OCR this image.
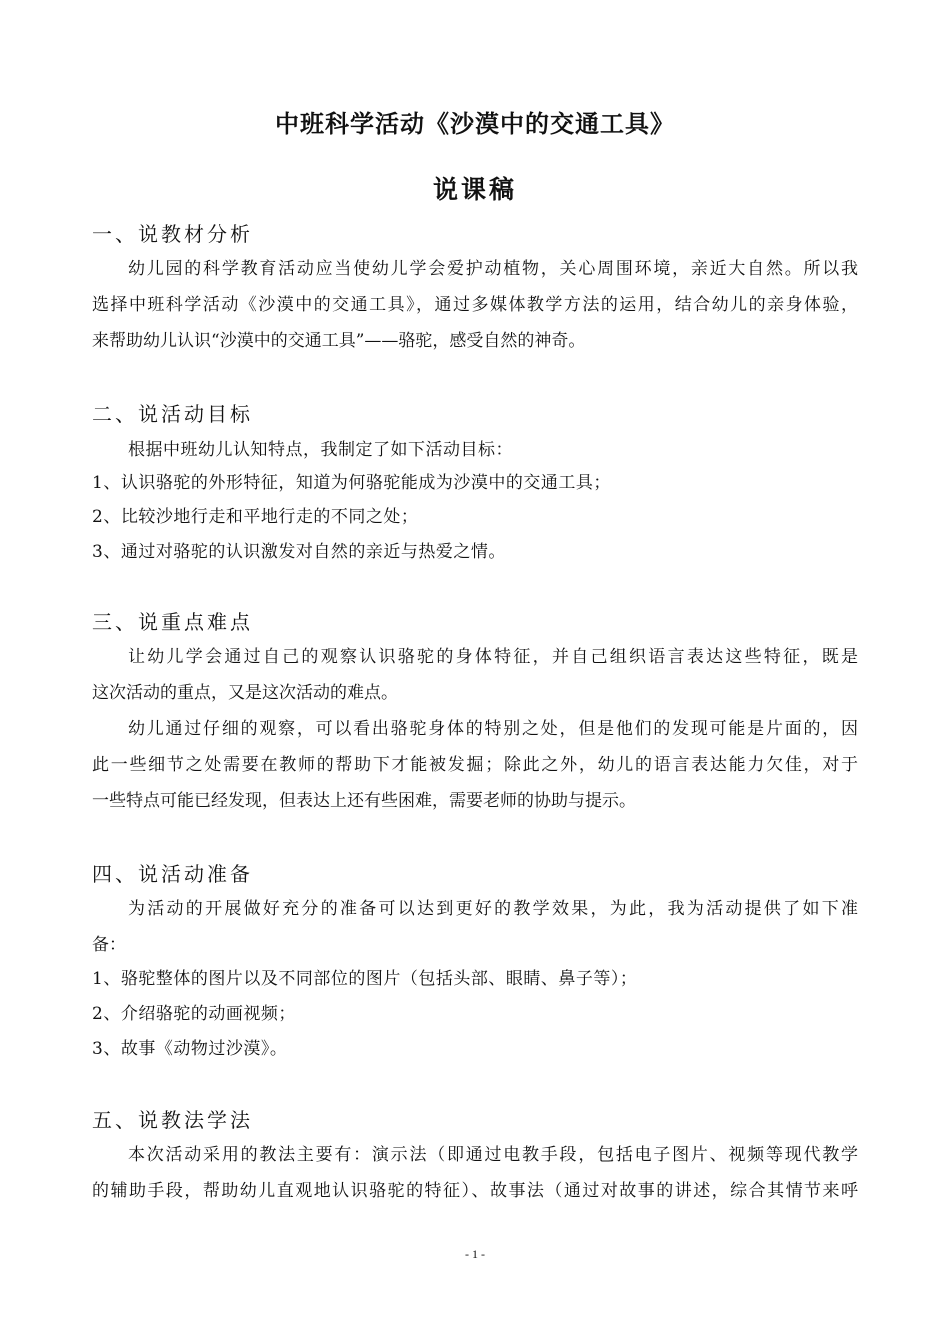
中班科学活动《沙漠中的交通工具》
说课稿
一、说教材分析
幼儿园的科学教育活动应当使幼儿学会爱护动植物，关心周围环境，亲近大自然。所以我
选择中班科学活动《沙漠中的交通工具》，通过多媒体教学方法的运用，结合幼儿的亲身体验，
来帮助幼儿认识“沙漠中的交通工具”——骆驼，感受自然的神奇。
二、说活动目标
根据中班幼儿认知特点，我制定了如下活动目标：
1、认识骆驼的外形特征，知道为何骆驼能成为沙漠中的交通工具；
2、比较沙地行走和平地行走的不同之处；
3、通过对骆驼的认识激发对自然的亲近与热爱之情。
三、说重点难点
让幼儿学会通过自己的观察认识骆驼的身体特征，并自己组织语言表达这些特征，既是
这次活动的重点，又是这次活动的难点。
幼儿通过仔细的观察，可以看出骆驼身体的特别之处，但是他们的发现可能是片面的，因
此一些细节之处需要在教师的帮助下才能被发掘；除此之外，幼儿的语言表达能力欠佳，对于
一些特点可能已经发现，但表达上还有些困难，需要老师的协助与提示。
四、说活动准备
为活动的开展做好充分的准备可以达到更好的教学效果，为此，我为活动提供了如下准
备：
1、骆驼整体的图片以及不同部位的图片（包括头部、眼睛、鼻子等）；
2、介绍骆驼的动画视频；
3、故事《动物过沙漠》。
五、说教法学法
本次活动采用的教法主要有：演示法（即通过电教手段，包括电子图片、视频等现代教学
的辅助手段，帮助幼儿直观地认识骆驼的特征）、故事法（通过对故事的讲述，综合其情节来呼
- 1 -
